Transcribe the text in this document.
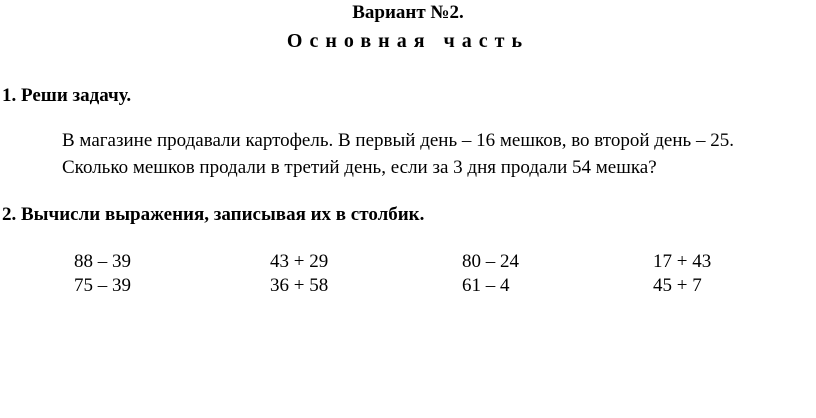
Вариант №2.
Основная часть
1. Реши задачу.
В магазине продавали картофель. В первый день – 16 мешков, во второй день – 25.
Сколько мешков продали в третий день, если за 3 дня продали 54 мешка?
2. Вычисли выражения, записывая их в столбик.
88 – 39	43 + 29	80 – 24	17 + 43
75 – 39	36 + 58	61 – 4	45 + 7
